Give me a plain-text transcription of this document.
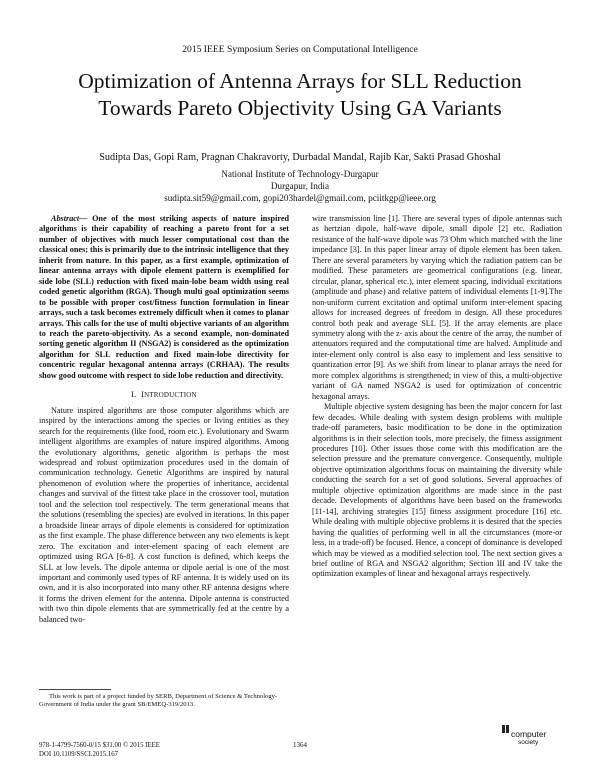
2015 IEEE Symposium Series on Computational Intelligence
Optimization of Antenna Arrays for SLL Reduction
Towards Pareto Objectivity Using GA Variants
Sudipta Das, Gopi Ram, Pragnan Chakravorty, Durbadal Mandal, Rajib Kar, Sakti Prasad Ghoshal
National Institute of Technology-Durgapur
Durgapur, India
sudipta.sit59@gmail.com, gopi203hardel@gmail.com, pciitkgp@ieee.org

Abstract— One of the most striking aspects of nature inspired algorithms is their capability of reaching a pareto front for a set number of objectives with much lesser computational cost than the classical ones; this is primarily due to the intrinsic intelligence that they inherit from nature. In this paper, as a first example, optimization of linear antenna arrays with dipole element pattern is exemplified for side lobe (SLL) reduction with fixed main-lobe beam width using real coded genetic algorithm (RGA). Though multi goal optimization seems to be possible with proper cost/fitness function formulation in linear arrays, such a task becomes extremely difficult when it comes to planar arrays. This calls for the use of multi objective variants of an algorithm to reach the pareto-objectivity. As a second example, non-dominated sorting genetic algorithm II (NSGA2) is considered as the optimization algorithm for SLL reduction and fixed main-lobe directivity for concentric regular hexagonal antenna arrays (CRHAA). The results show good outcome with respect to side lobe reduction and directivity.

I. INTRODUCTION

Nature inspired algorithms are those computer algorithms which are inspired by the interactions among the species or living entities as they search for the requirements (like food, room etc.). Evolutionary and Swarm intelligent algorithms are examples of nature inspired algorithms. Among the evolutionary algorithms, genetic algorithm is perhaps the most widespread and robust optimization procedures used in the domain of communication technology. Genetic Algorithms are inspired by natural phenomenon of evolution where the properties of inheritance, accidental changes and survival of the fittest take place in the crossover tool, mutation tool and the selection tool respectively. The term generational means that the solutions (resembling the species) are evolved in iterations. In this paper a broadside linear arrays of dipole elements is considered for optimization as the first example. The phase difference between any two elements is kept zero. The excitation and inter-element spacing of each element are optimized using RGA [6-8]. A cost function is defined, which keeps the SLL at low levels. The dipole antenna or dipole aerial is one of the most important and commonly used types of RF antenna. It is widely used on its own, and it is also incorporated into many other RF antenna designs where it forms the driven element for the antenna. Dipole antenna is constructed with two thin dipole elements that are symmetrically fed at the centre by a balanced two-

wire transmission line [1]. There are several types of dipole antennas such as hertzian dipole, half-wave dipole, small dipole [2] etc. Radiation resistance of the half-wave dipole was 73 Ohm which matched with the line impedance [3]. In this paper linear array of dipole element has been taken. There are several parameters by varying which the radiation pattern can be modified. These parameters are geometrical configurations (e.g. linear, circular, planar, spherical etc.), inter element spacing, individual excitations (amplitude and phase) and relative pattern of individual elements [1-9].The non-uniform current excitation and optimal uniform inter-element spacing allows for increased degrees of freedom in design. All these procedures control both peak and average SLL [5]. If the array elements are place symmetry along with the z- axis about the centre of the array, the number of attenuators required and the computational time are halved. Amplitude and inter-element only control is also easy to implement and less sensitive to quantization error [9]. As we shift from linear to planar arrays the need for more complex algorithms is strengthened; in view of this, a multi-objective variant of GA named NSGA2 is used for optimization of concentric hexagonal arrays.

Multiple objective system designing has been the major concern for last few decades. While dealing with system design problems with multiple trade-off parameters, basic modification to be done in the optimization algorithms is in their selection tools, more precisely, the fitness assignment procedures [10]. Other issues those come with this modification are the selection pressure and the premature convergence. Consequently, multiple objective optimization algorithms focus on maintaining the diversity while conducting the search for a set of good solutions. Several approaches of multiple objective optimization algorithms are made since in the past decade. Developments of algorithms have been based on the frameworks [11-14], archiving strategies [15] fitness assignment procedure [16] etc. While dealing with multiple objective problems it is desired that the species having the qualities of performing well in all the circumstances (more-or less, in a trade-off) be focused. Hence, a concept of dominance is developed which may be viewed as a modified selection tool. The next section gives a brief outline of RGA and NSGA2 algorithm; Section III and IV take the optimization examples of linear and hexagonal arrays respectively.

This work is part of a project funded by SERB, Department of Science & Technology- Government of India under the grant SB/EMEQ-319/2013.
978-1-4799-7560-0/15 $31.00 © 2015 IEEE
DOI 10.1109/SSCI.2015.167
1364
computer
society
